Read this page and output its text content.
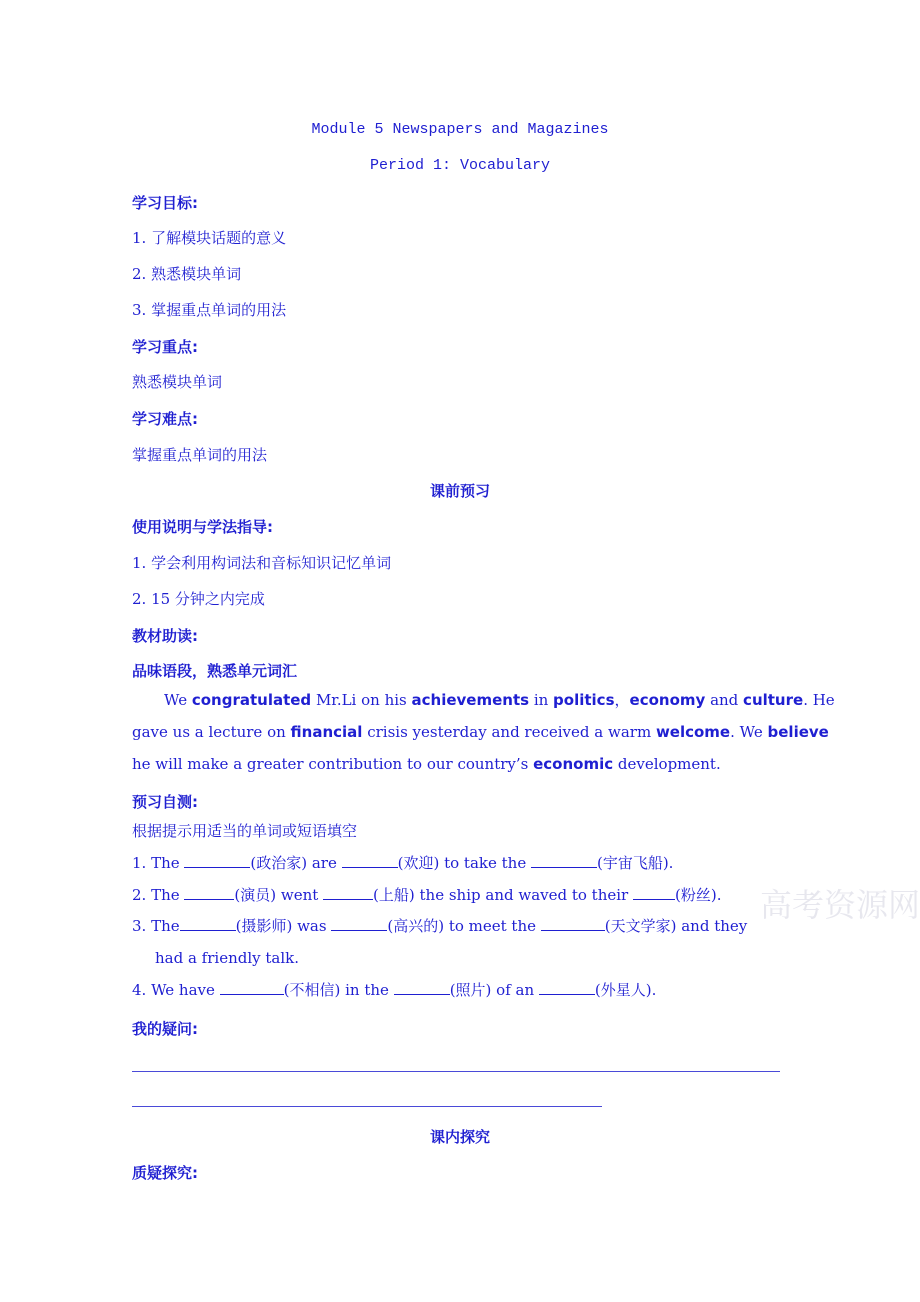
高考资源网
Module 5 Newspapers and Magazines
Period 1: Vocabulary
学习目标:
1. 了解模块话题的意义
2. 熟悉模块单词
3. 掌握重点单词的用法
学习重点:
熟悉模块单词
学习难点:
掌握重点单词的用法
课前预习
使用说明与学法指导:
1. 学会利用构词法和音标知识记忆单词
2. 15 分钟之内完成
教材助读:
品味语段，熟悉单元词汇
We congratulated Mr.Li on his achievements in politics，economy and culture. He
gave us a lecture on financial crisis yesterday and received a warm welcome. We believe
he will make a greater contribution to our country’s economic development.
预习自测:
根据提示用适当的单词或短语填空
1. The	(政治家) are	(欢迎) to take the	(宇宙飞船).
2. The	(演员) went	(上船) the ship and waved to their	(粉丝).
3. The	(摄影师) was	(高兴的) to meet the	(天文学家) and they
had a friendly talk.
4. We have	(不相信) in the	(照片) of an	(外星人).
我的疑问:
课内探究
质疑探究:
